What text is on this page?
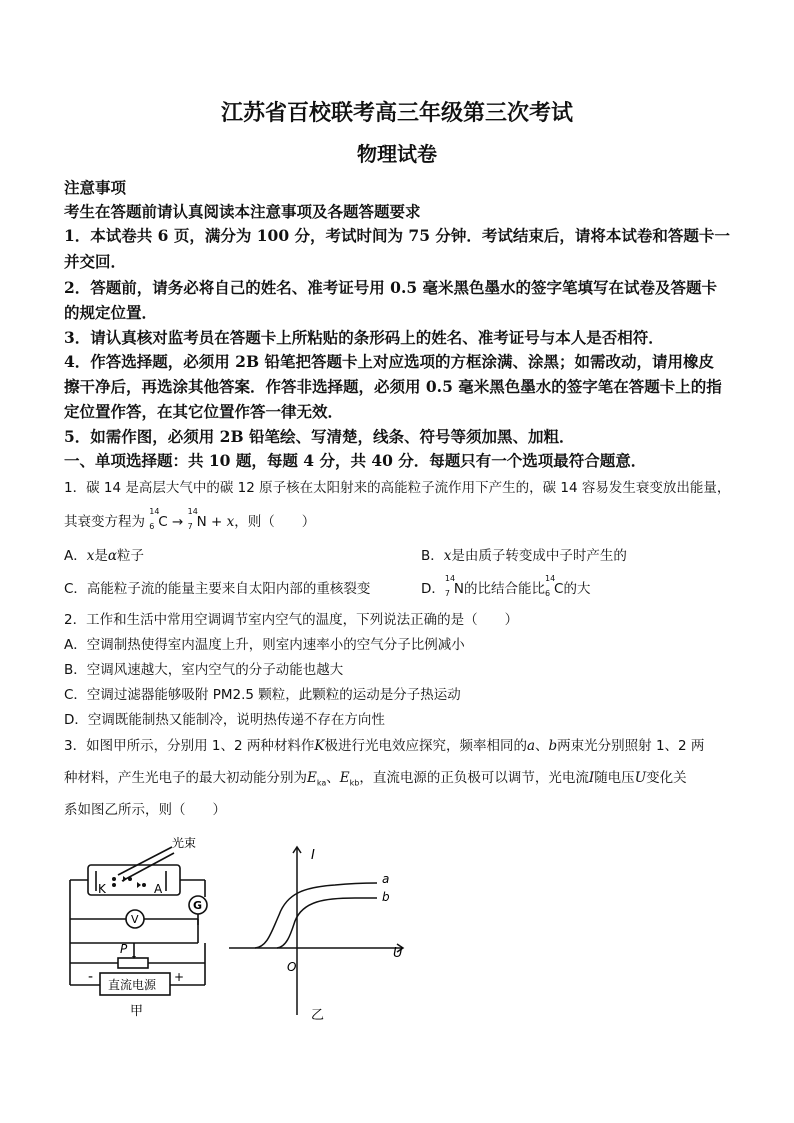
江苏省百校联考高三年级第三次考试
物理试卷
注意事项
考生在答题前请认真阅读本注意事项及各题答题要求
1．本试卷共 6 页，满分为 100 分，考试时间为 75 分钟．考试结束后，请将本试卷和答题卡一
并交回．
2．答题前，请务必将自己的姓名、准考证号用 0.5 毫米黑色墨水的签字笔填写在试卷及答题卡
的规定位置．
3．请认真核对监考员在答题卡上所粘贴的条形码上的姓名、准考证号与本人是否相符．
4．作答选择题，必须用 2B 铅笔把答题卡上对应选项的方框涂满、涂黑；如需改动，请用橡皮
擦干净后，再选涂其他答案．作答非选择题，必须用 0.5 毫米黑色墨水的签字笔在答题卡上的指
定位置作答，在其它位置作答一律无效．
5．如需作图，必须用 2B 铅笔绘、写清楚，线条、符号等须加黑、加粗．
一、单项选择题：共 10 题，每题 4 分，共 40 分．每题只有一个选项最符合题意．
1．碳 14 是高层大气中的碳 12 原子核在太阳射来的高能粒子流作用下产生的，碳 14 容易发生衰变放出能量，
其衰变方程为
14
6 C →
14
7 N + x，则（　　）
A．x是α粒子	B．x是由质子转变成中子时产生的
C．高能粒子流的能量主要来自太阳内部的重核裂变	D．
14
7 N的比结合能比
14
6 C的大
2．工作和生活中常用空调调节室内空气的温度，下列说法正确的是（　　）
A．空调制热使得室内温度上升，则室内速率小的空气分子比例减小
B．空调风速越大，室内空气的分子动能也越大
C．空调过滤器能够吸附 PM2.5 颗粒，此颗粒的运动是分子热运动
D．空调既能制热又能制冷，说明热传递不存在方向性
3．如图甲所示，分别用 1、2 两种材料作K极进行光电效应探究，频率相同的a、b两束光分别照射 1、2 两
种材料，产生光电子的最大初动能分别为$E_{ka}$、$E_{kb}$，直流电源的正负极可以调节，光电流I随电压U变化关
系如图乙所示，则（　　）
光束
K	A
G
V
P
-	+
直流电源
甲
I
U
O
a
b
乙
